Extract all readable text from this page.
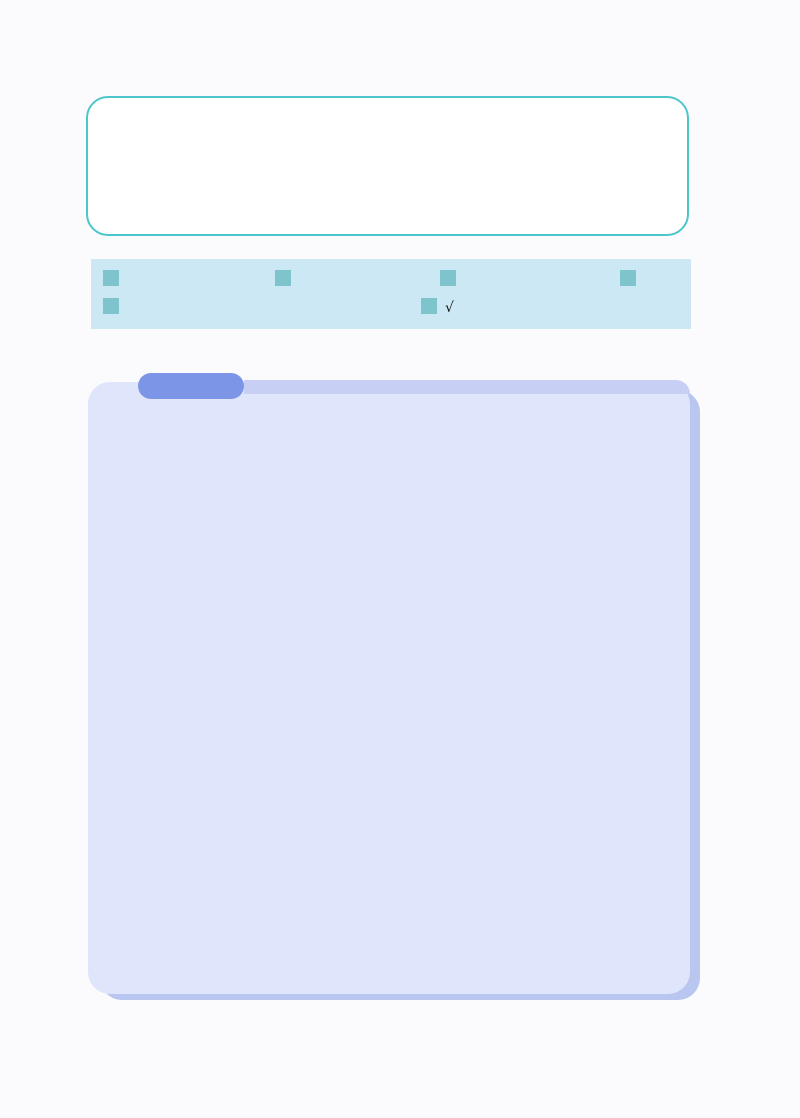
√
